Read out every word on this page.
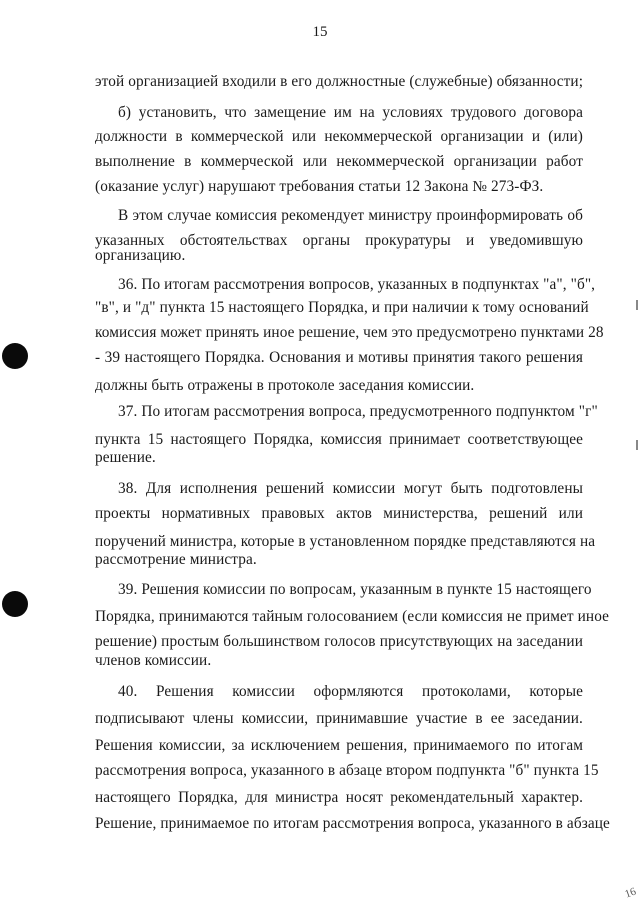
15
этой организацией входили в его должностные (служебные) обязанности;
б) установить, что замещение им на условиях трудового договора
должности в коммерческой или некоммерческой организации и (или)
выполнение в коммерческой или некоммерческой организации работ
(оказание услуг) нарушают требования статьи 12 Закона № 273-ФЗ.
В этом случае комиссия рекомендует министру проинформировать об
указанных обстоятельствах органы прокуратуры и уведомившую
организацию.
36. По итогам рассмотрения вопросов, указанных в подпунктах "а", "б",
"в", и "д" пункта 15 настоящего Порядка, и при наличии к тому оснований
комиссия может принять иное решение, чем это предусмотрено пунктами 28
- 39 настоящего Порядка. Основания и мотивы принятия такого решения
должны быть отражены в протоколе заседания комиссии.
37. По итогам рассмотрения вопроса, предусмотренного подпунктом "г"
пункта 15 настоящего Порядка, комиссия принимает соответствующее
решение.
38. Для исполнения решений комиссии могут быть подготовлены
проекты нормативных правовых актов министерства, решений или
поручений министра, которые в установленном порядке представляются на
рассмотрение министра.
39. Решения комиссии по вопросам, указанным в пункте 15 настоящего
Порядка, принимаются тайным голосованием (если комиссия не примет иное
решение) простым большинством голосов присутствующих на заседании
членов комиссии.
40. Решения комиссии оформляются протоколами, которые
подписывают члены комиссии, принимавшие участие в ее заседании.
Решения комиссии, за исключением решения, принимаемого по итогам
рассмотрения вопроса, указанного в абзаце втором подпункта "б" пункта 15
настоящего Порядка, для министра носят рекомендательный характер.
Решение, принимаемое по итогам рассмотрения вопроса, указанного в абзаце
16
